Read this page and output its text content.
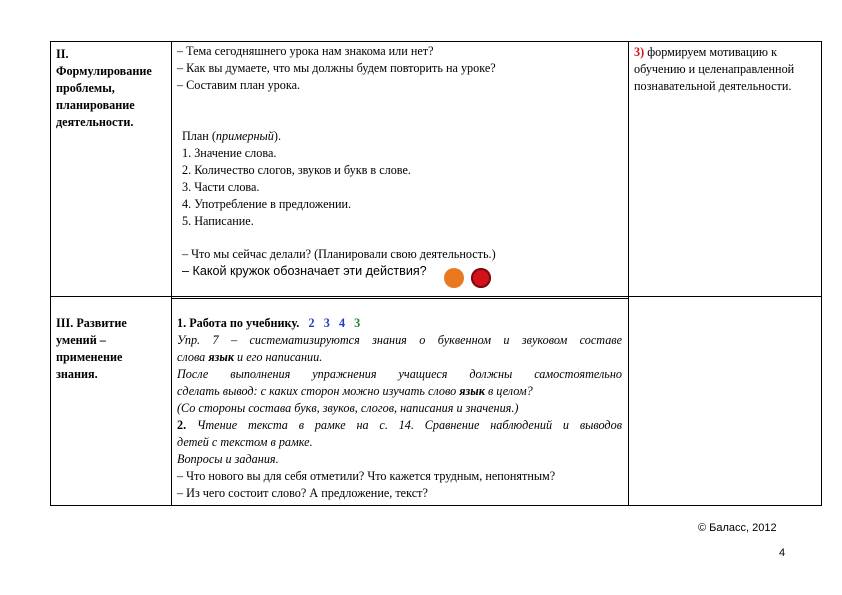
II.
Формулирование
проблемы,
планирование
деятельности.
– Тема сегодняшнего урока нам знакома или нет?
– Как вы думаете, что мы должны будем повторить на уроке?
– Составим план урока.
План (примерный).
1. Значение слова.
2. Количество слогов, звуков и букв в слове.
3. Части слова.
4. Употребление в предложении.
5. Написание.
– Что мы сейчас делали? (Планировали свою деятельность.)
– Какой кружок обозначает эти действия?
3) формируем мотивацию к
обучению и целенаправленной
познавательной деятельности.
III. Развитие
умений –
применение
знания.
1. Работа по учебнику. 2 3 4 3
Упр. 7 – систематизируются знания о буквенном и звуковом составе
слова язык и его написании.
После выполнения упражнения учащиеся должны самостоятельно
сделать вывод: с каких сторон можно изучать слово язык в целом?
(Со стороны состава букв, звуков, слогов, написания и значения.)
2. Чтение текста в рамке на с. 14. Сравнение наблюдений и выводов
детей с текстом в рамке.
Вопросы и задания.
– Что нового вы для себя отметили? Что кажется трудным, непонятным?
– Из чего состоит слово? А предложение, текст?
© Баласс, 2012
4
